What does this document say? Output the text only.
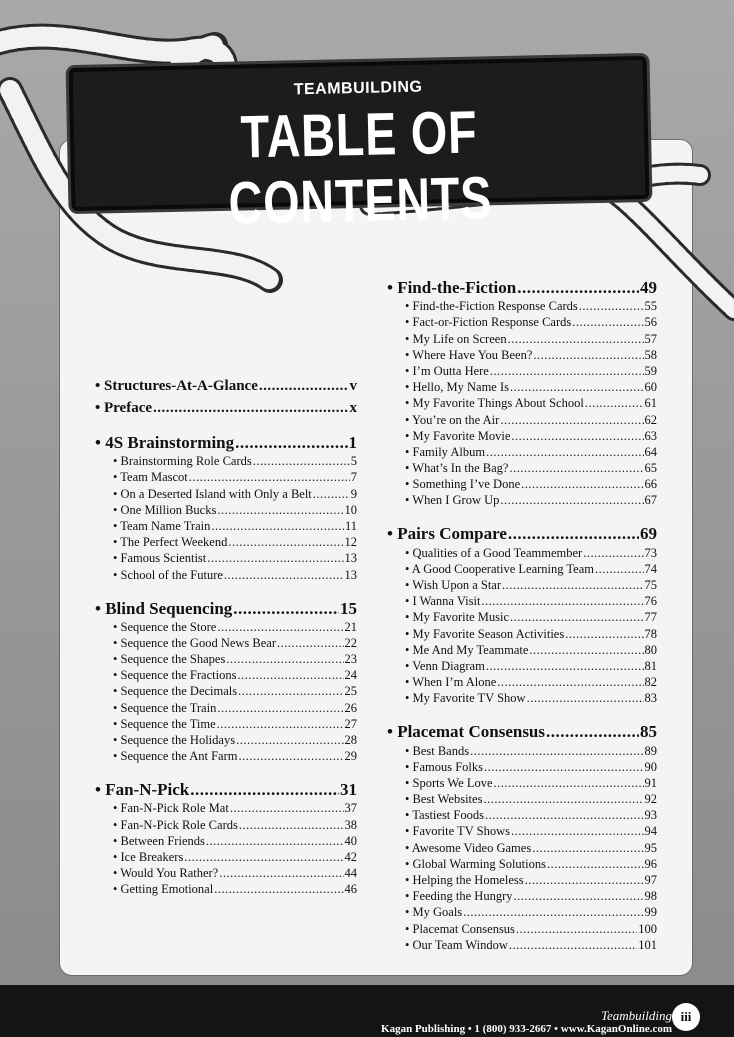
TEAMBUILDING
TABLE OF CONTENTS
• Structures-At-A-Glance .....	v
• Preface .....	x
• 4S Brainstorming .....	1
• Brainstorming Role Cards .....	5
• Team Mascot .....	7
• On a Deserted Island with Only a Belt .....	9
• One Million Bucks .....	10
• Team Name Train .....	11
• The Perfect Weekend .....	12
• Famous Scientist .....	13
• School of the Future .....	13
• Blind Sequencing .....	15
• Sequence the Store .....	21
• Sequence the Good News Bear .....	22
• Sequence the Shapes .....	23
• Sequence the Fractions .....	24
• Sequence the Decimals .....	25
• Sequence the Train .....	26
• Sequence the Time .....	27
• Sequence the Holidays .....	28
• Sequence the Ant Farm .....	29
• Fan-N-Pick .....	31
• Fan-N-Pick Role Mat .....	37
• Fan-N-Pick Role Cards .....	38
• Between Friends .....	40
• Ice Breakers .....	42
• Would You Rather? .....	44
• Getting Emotional .....	46
• Find-the-Fiction .....	49
• Find-the-Fiction Response Cards .....	55
• Fact-or-Fiction Response Cards .....	56
• My Life on Screen .....	57
• Where Have You Been? .....	58
• I’m Outta Here .....	59
• Hello, My Name Is .....	60
• My Favorite Things About School .....	61
• You’re on the Air .....	62
• My Favorite Movie .....	63
• Family Album .....	64
• What’s In the Bag? .....	65
• Something I’ve Done .....	66
• When I Grow Up .....	67
• Pairs Compare .....	69
• Qualities of a Good Teammember .....	73
• A Good Cooperative Learning Team .....	74
• Wish Upon a Star .....	75
• I Wanna Visit .....	76
• My Favorite Music .....	77
• My Favorite Season Activities .....	78
• Me And My Teammate .....	80
• Venn Diagram .....	81
• When I’m Alone .....	82
• My Favorite TV Show .....	83
• Placemat Consensus .....	85
• Best Bands .....	89
• Famous Folks .....	90
• Sports We Love .....	91
• Best Websites .....	92
• Tastiest Foods .....	93
• Favorite TV Shows .....	94
• Awesome Video Games .....	95
• Global Warming Solutions .....	96
• Helping the Homeless .....	97
• Feeding the Hungry .....	98
• My Goals .....	99
• Placemat Consensus .....	100
• Our Team Window .....	101
Teambuilding
Kagan Publishing • 1 (800) 933-2667 • www.KaganOnline.com
iii
